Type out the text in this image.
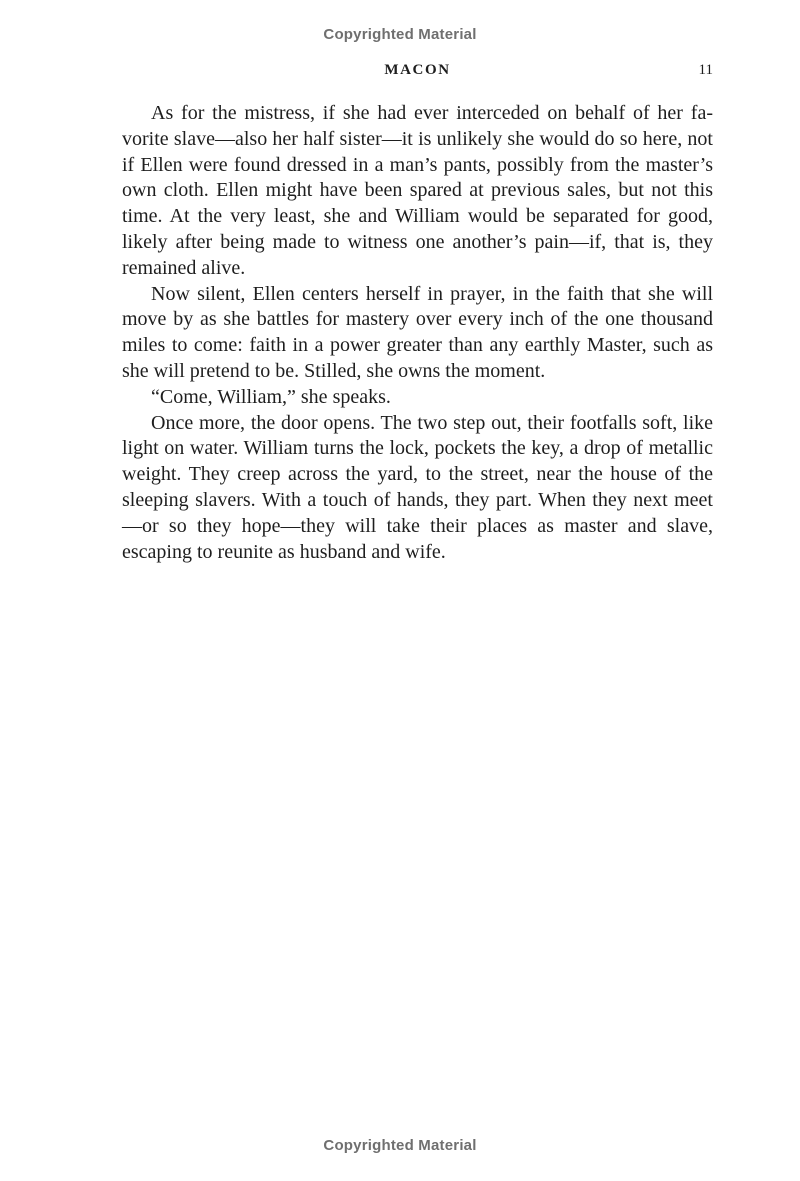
Copyrighted Material
MACON	11

As for the mistress, if she had ever interceded on behalf of her favorite slave—also her half sister—it is unlikely she would do so here, not if Ellen were found dressed in a man’s pants, possibly from the master’s own cloth. Ellen might have been spared at previous sales, but not this time. At the very least, she and William would be separated for good, likely after being made to witness one another’s pain—if, that is, they remained alive.

Now silent, Ellen centers herself in prayer, in the faith that she will move by as she battles for mastery over every inch of the one thousand miles to come: faith in a power greater than any earthly Master, such as she will pretend to be. Stilled, she owns the moment.

“Come, William,” she speaks.

Once more, the door opens. The two step out, their footfalls soft, like light on water. William turns the lock, pockets the key, a drop of metallic weight. They creep across the yard, to the street, near the house of the sleeping slavers. With a touch of hands, they part. When they next meet—or so they hope—they will take their places as master and slave, escaping to reunite as husband and wife.

Copyrighted Material
